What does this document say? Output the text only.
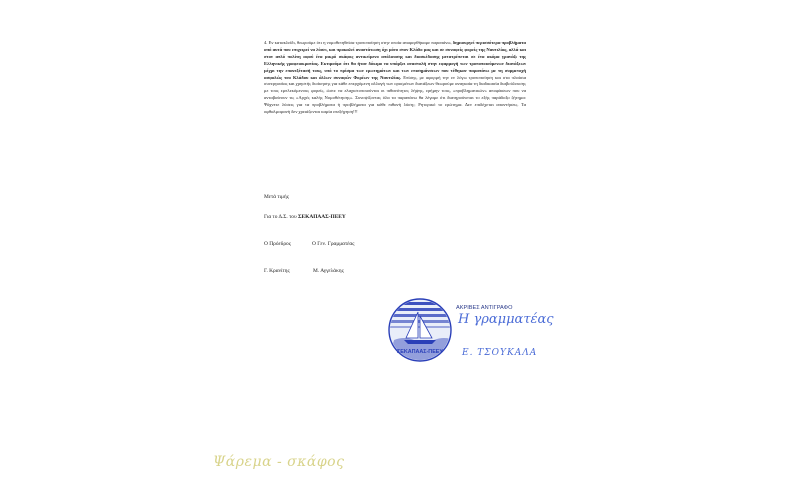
4. Εν κατακλείδι, θεωρούμε ότι η νομοθετηθείσα τροποποίηση στην οποία αναφερθήκαμε παραπάνω, δημιουργεί περισσότερα προβλήματα από αυτά που επιχειρεί να λύσει, και προκαλεί αναστάτωση όχι μόνο στον Κλάδο μας και σε συναφείς φορείς της Ναυτιλίας, αλλά και στον απλό πολίτη αφού ένα μικρό σκάφος αντικείμενο απόλαυσης και διασκέδασης μετατρέπεται σε ένα ακόμα γρανάζι της Ελληνικής γραφειοκρατίας. Εκτιμούμε ότι θα ήταν δόκιμο να υπάρξει αναστολή στην εφαρμογή των τροποποιούμενων διατάξεων μέχρι την επανεξέτασή τους, υπό το πρίσμα των ερωτημάτων και των επισημάνσεων που τέθηκαν παραπάνω με τη συμμετοχή ασφαλώς του Κλάδου και άλλων συναφών Φορέων της Ναυτιλίας. Επίσης, με αφορμή την εν λόγω τροποποίηση και στα πλαίσια συνεργασίας και χρηστής διοίκησης για κάθε επερχόμενη αλλαγή των ορισμένων διατάξεων θεωρούμε αναγκαία τη διαδικασία διαβούλευσης με τους εμπλεκόμενους φορείς, ώστε να ελαχιστοποιούνται οι πιθανότητες λήψης, ερήμην τους, «προβληματικών» αποφάσεων που να ανταβαίνουν τις «Αρχές καλής Νομοθέτησης». Συνοψίζοντας όλα τα παραπάνω θα λέγαμε ότι διατηρούνεται το εξής παράδοξο ζήτημα: Ψάχνετε λύσεις για τα προβλήματα ή προβλήματα για κάθε πιθανή λύση;; Ρητορικό το ερώτημα. Δεν επιδέχεται απαντήσεις. Τα οφθαλμοφανή δεν χρειάζονται καμία επεξήγηση!!!
Μετά τιμής
Για το Δ.Σ. του ΣΕΚΑΠΑΑΣ-ΠΕΕΥ
Ο Πρόεδρος	Ο Γεν. Γραμματέας
Γ. Κρανίτης	Μ. Αγγελάκης
ΣΕΚΑΠΑΑΣ-ΠΕΕΥ
ΑΚΡΙΒΕΣ ΑΝΤΙΓΡΑΦΟ
Η γραμματέας
Ε. ΤΣΟΥΚΑΛΑ
Ψάρεμα - σκάφος
